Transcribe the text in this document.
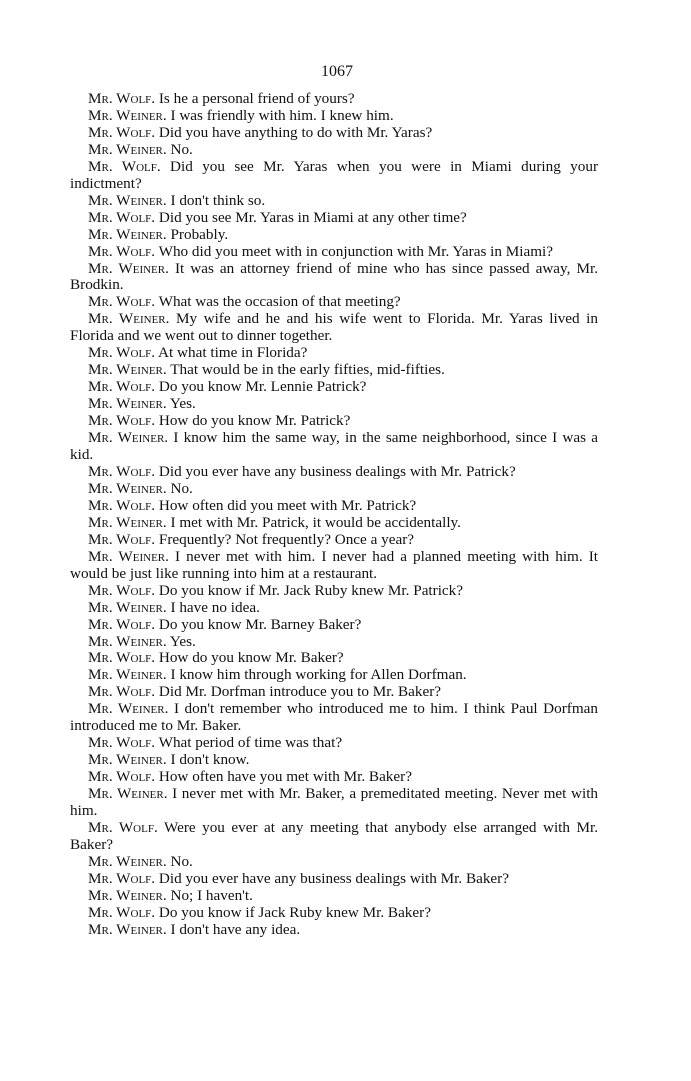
1067

Mr. Wolf. Is he a personal friend of yours?

Mr. Weiner. I was friendly with him. I knew him.

Mr. Wolf. Did you have anything to do with Mr. Yaras?

Mr. Weiner. No.

Mr. Wolf. Did you see Mr. Yaras when you were in Miami during your indictment?

Mr. Weiner. I don't think so.

Mr. Wolf. Did you see Mr. Yaras in Miami at any other time?

Mr. Weiner. Probably.

Mr. Wolf. Who did you meet with in conjunction with Mr. Yaras in Miami?

Mr. Weiner. It was an attorney friend of mine who has since passed away, Mr. Brodkin.

Mr. Wolf. What was the occasion of that meeting?

Mr. Weiner. My wife and he and his wife went to Florida. Mr. Yaras lived in Florida and we went out to dinner together.

Mr. Wolf. At what time in Florida?

Mr. Weiner. That would be in the early fifties, mid-fifties.

Mr. Wolf. Do you know Mr. Lennie Patrick?

Mr. Weiner. Yes.

Mr. Wolf. How do you know Mr. Patrick?

Mr. Weiner. I know him the same way, in the same neighborhood, since I was a kid.

Mr. Wolf. Did you ever have any business dealings with Mr. Patrick?

Mr. Weiner. No.

Mr. Wolf. How often did you meet with Mr. Patrick?

Mr. Weiner. I met with Mr. Patrick, it would be accidentally.

Mr. Wolf. Frequently? Not frequently? Once a year?

Mr. Weiner. I never met with him. I never had a planned meeting with him. It would be just like running into him at a restaurant.

Mr. Wolf. Do you know if Mr. Jack Ruby knew Mr. Patrick?

Mr. Weiner. I have no idea.

Mr. Wolf. Do you know Mr. Barney Baker?

Mr. Weiner. Yes.

Mr. Wolf. How do you know Mr. Baker?

Mr. Weiner. I know him through working for Allen Dorfman.

Mr. Wolf. Did Mr. Dorfman introduce you to Mr. Baker?

Mr. Weiner. I don't remember who introduced me to him. I think Paul Dorfman introduced me to Mr. Baker.

Mr. Wolf. What period of time was that?

Mr. Weiner. I don't know.

Mr. Wolf. How often have you met with Mr. Baker?

Mr. Weiner. I never met with Mr. Baker, a premeditated meeting. Never met with him.

Mr. Wolf. Were you ever at any meeting that anybody else arranged with Mr. Baker?

Mr. Weiner. No.

Mr. Wolf. Did you ever have any business dealings with Mr. Baker?

Mr. Weiner. No; I haven't.

Mr. Wolf. Do you know if Jack Ruby knew Mr. Baker?

Mr. Weiner. I don't have any idea.
